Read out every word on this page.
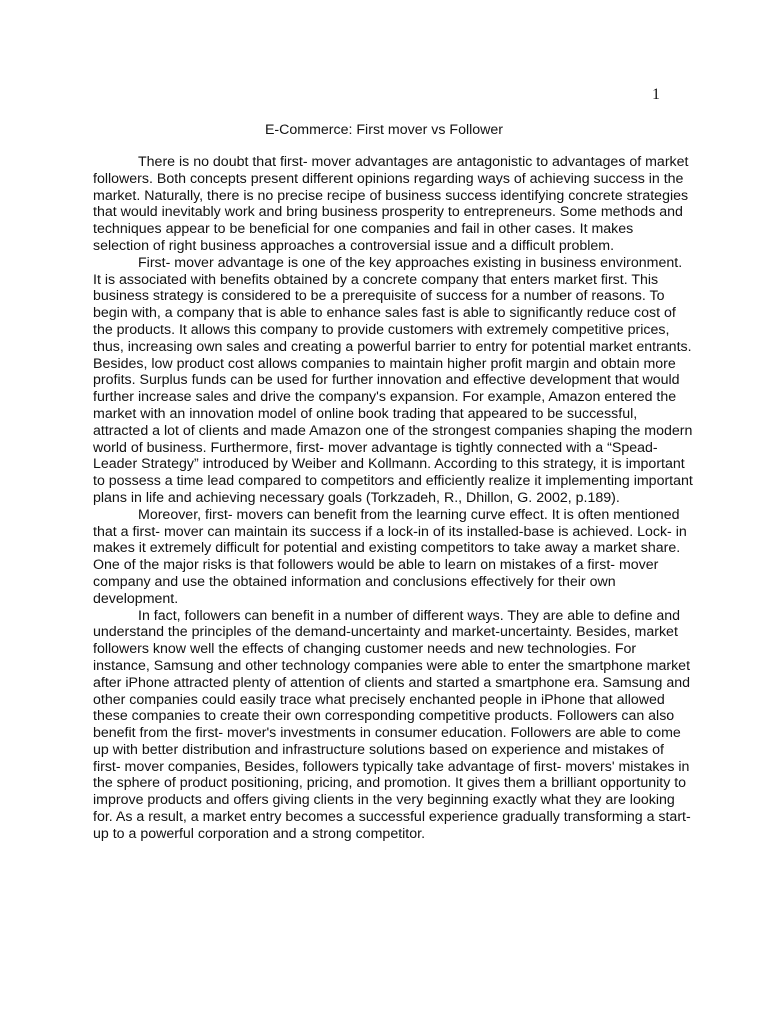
1
E-Commerce: First mover vs Follower

There is no doubt that first- mover advantages are antagonistic to advantages of market followers. Both concepts present different opinions regarding ways of achieving success in the market. Naturally, there is no precise recipe of business success identifying concrete strategies that would inevitably work and bring business prosperity to entrepreneurs. Some methods and techniques appear to be beneficial for one companies and fail in other cases. It makes selection of right business approaches a controversial issue and a difficult problem.

First- mover advantage is one of the key approaches existing in business environment. It is associated with benefits obtained by a concrete company that enters market first. This business strategy is considered to be a prerequisite of success for a number of reasons. To begin with, a company that is able to enhance sales fast is able to significantly reduce cost of the products. It allows this company to provide customers with extremely competitive prices, thus, increasing own sales and creating a powerful barrier to entry for potential market entrants. Besides, low product cost allows companies to maintain higher profit margin and obtain more profits. Surplus funds can be used for further innovation and effective development that would further increase sales and drive the company's expansion. For example, Amazon entered the market with an innovation model of online book trading that appeared to be successful, attracted a lot of clients and made Amazon one of the strongest companies shaping the modern world of business. Furthermore, first- mover advantage is tightly connected with a “Spead- Leader Strategy” introduced by Weiber and Kollmann. According to this strategy, it is important to possess a time lead compared to competitors and efficiently realize it implementing important plans in life and achieving necessary goals (Torkzadeh, R., Dhillon, G. 2002, p.189).

Moreover, first- movers can benefit from the learning curve effect. It is often mentioned that a first- mover can maintain its success if a lock-in of its installed-base is achieved. Lock- in makes it extremely difficult for potential and existing competitors to take away a market share. One of the major risks is that followers would be able to learn on mistakes of a first- mover company and use the obtained information and conclusions effectively for their own development.

In fact, followers can benefit in a number of different ways. They are able to define and understand the principles of the demand-uncertainty and market-uncertainty. Besides, market followers know well the effects of changing customer needs and new technologies. For instance, Samsung and other technology companies were able to enter the smartphone market after iPhone attracted plenty of attention of clients and started a smartphone era. Samsung and other companies could easily trace what precisely enchanted people in iPhone that allowed these companies to create their own corresponding competitive products. Followers can also benefit from the first- mover's investments in consumer education. Followers are able to come up with better distribution and infrastructure solutions based on experience and mistakes of first- mover companies, Besides, followers typically take advantage of first- movers' mistakes in the sphere of product positioning, pricing, and promotion. It gives them a brilliant opportunity to improve products and offers giving clients in the very beginning exactly what they are looking for. As a result, a market entry becomes a successful experience gradually transforming a start- up to a powerful corporation and a strong competitor.
